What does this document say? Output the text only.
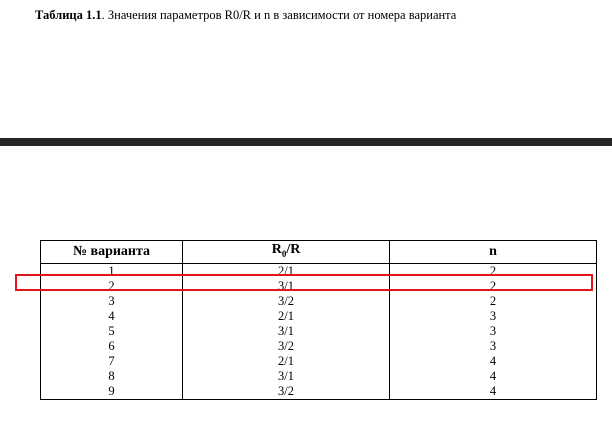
Таблица 1.1. Значения параметров R0/R и n в зависимости от номера варианта
№ варианта	$R_0/R$	n
1	2/1	2
2	3/1	2
3	3/2	2
4	2/1	3
5	3/1	3
6	3/2	3
7	2/1	4
8	3/1	4
9	3/2	4
